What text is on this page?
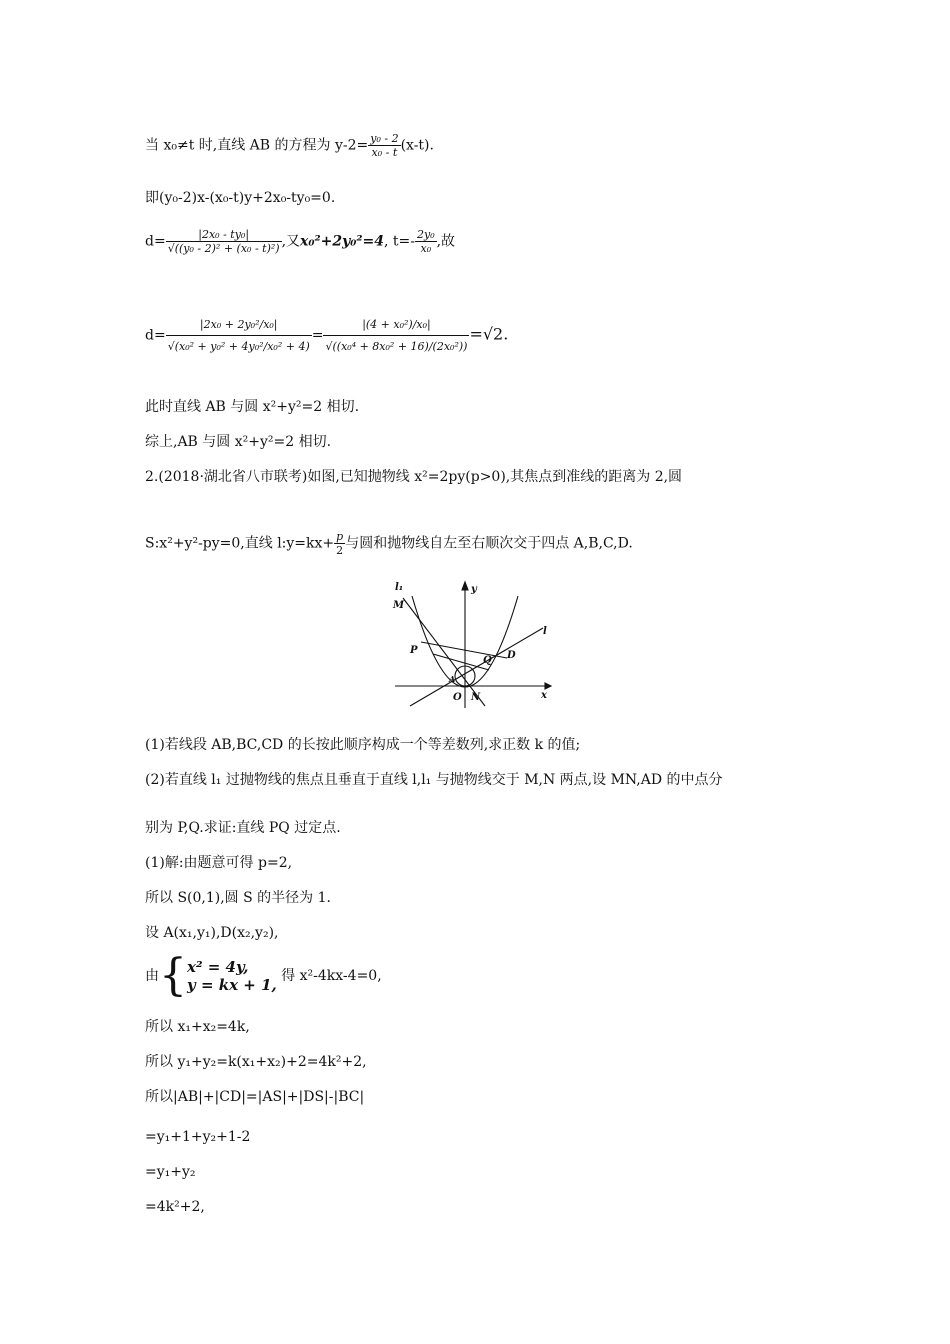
当 x₀≠t 时,直线 AB 的方程为 $y-2= \frac{\text{y₀ - 2}}{\text{x₀ - t}} (x-t)$.
即(y₀-2)x-(x₀-t)y+2x₀-ty₀=0.
$d= \frac{\text{|2x₀ - ty₀|}}{\text{√((y₀ - 2)² + (x₀ - t)²)}}$ ,又x₀²+2y₀²=4, $t=- \frac{\text{2y₀}}{\text{x₀}}$ ,故
$d= \frac{\text{|2x₀ + 2y₀²/x₀|}}{\text{√(x₀² + y₀² + 4y₀²/x₀² + 4)}} = \frac{\text{|(4 + x₀²)/x₀|}}{\text{√((x₀⁴ + 8x₀² + 16)/(2x₀²))}} =√2$.
此时直线 AB 与圆 x²+y²=2 相切.
综上,AB 与圆 x²+y²=2 相切.
2.(2018·湖北省八市联考)如图,已知抛物线 x²=2py(p>0),其焦点到准线的距离为 2,圆
S:x²+y²-py=0,直线 l:y=kx+ $\frac{p}{2}$ 与圆和抛物线自左至右顺次交于四点 A,B,C,D.
l₁
M
y
l
P
Q D
A
O N	x
(1)若线段 AB,BC,CD 的长按此顺序构成一个等差数列,求正数 k 的值;
(2)若直线 l₁ 过抛物线的焦点且垂直于直线 l,l₁ 与抛物线交于 M,N 两点,设 MN,AD 的中点分
别为 P,Q.求证:直线 PQ 过定点.
(1)解:由题意可得 p=2,
所以 S(0,1),圆 S 的半径为 1.
设 A(x₁,y₁),D(x₂,y₂),
由{ x² = 4y,
y = kx + 1, 得 x²-4kx-4=0,
所以 x₁+x₂=4k,
所以 y₁+y₂=k(x₁+x₂)+2=4k²+2,
所以|AB|+|CD|=|AS|+|DS|-|BC|
=y₁+1+y₂+1-2
=y₁+y₂
=4k²+2,
